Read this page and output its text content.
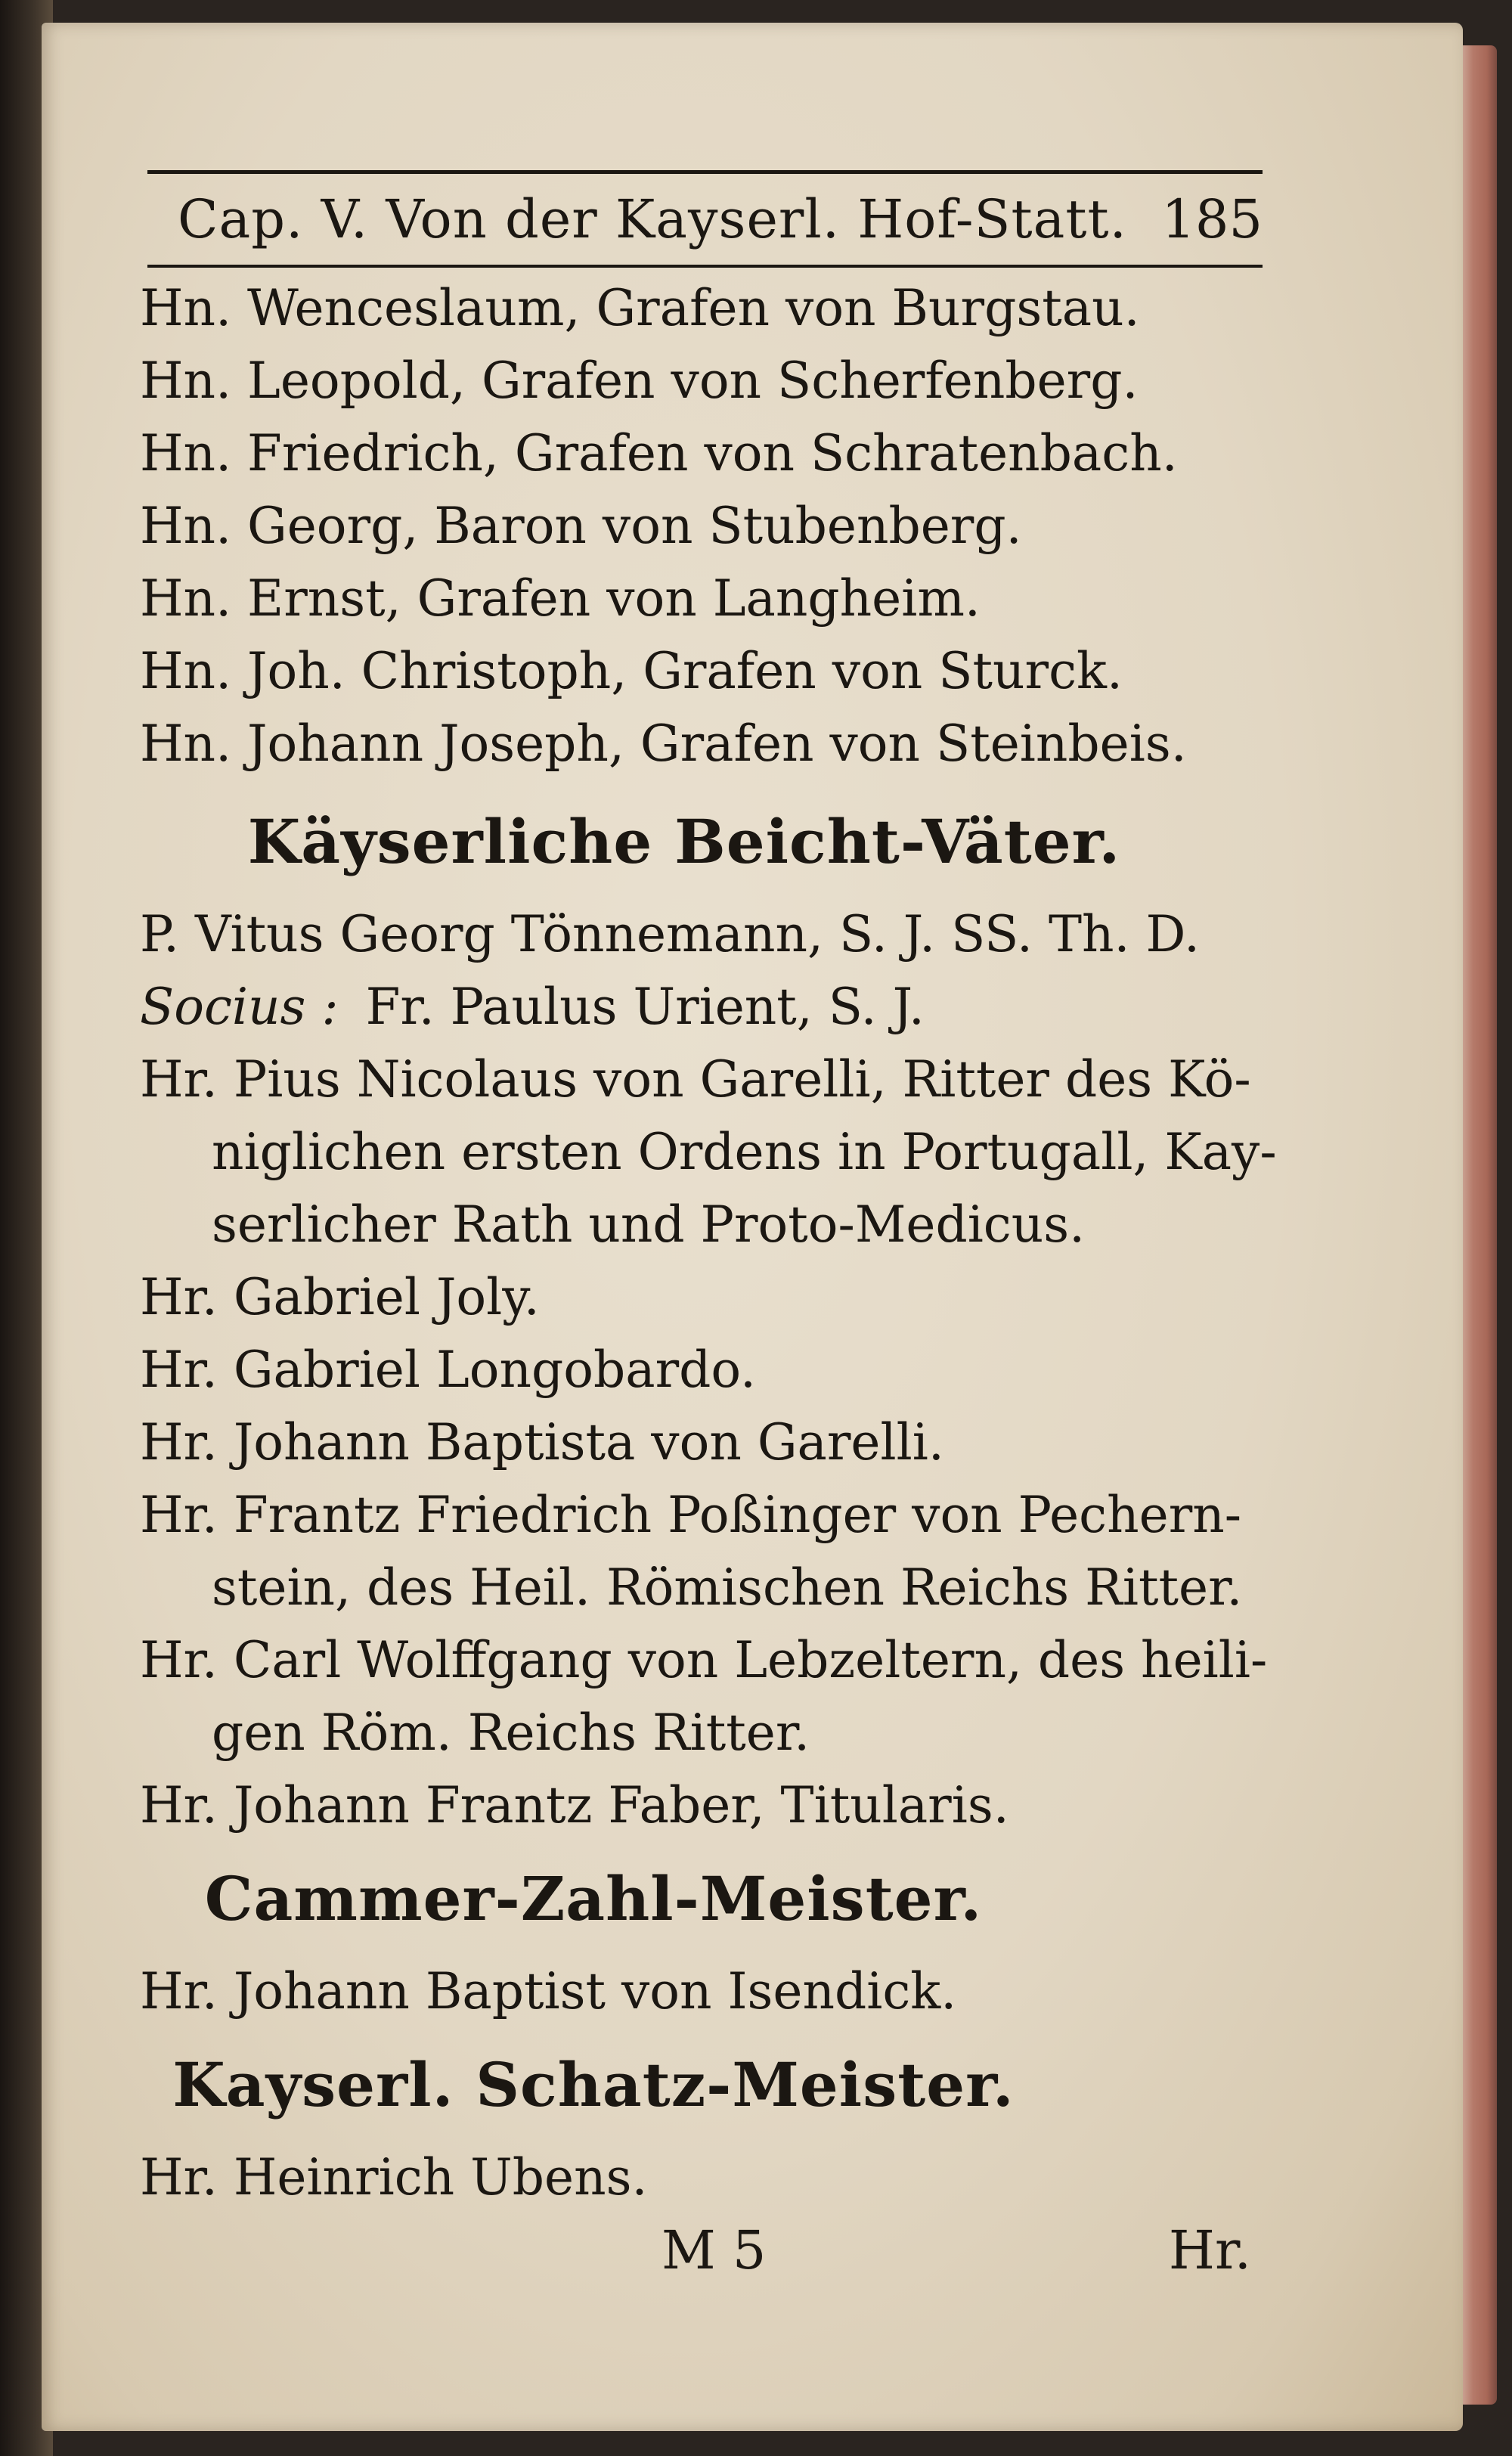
Cap. V. Von der Kayserl. Hof-Statt. 185
Hn. Wenceslaum, Grafen von Burgstau.
Hn. Leopold, Grafen von Scherfenberg.
Hn. Friedrich, Grafen von Schratenbach.
Hn. Georg, Baron von Stubenberg.
Hn. Ernst, Grafen von Langheim.
Hn. Joh. Christoph, Grafen von Sturck.
Hn. Johann Joseph, Grafen von Steinbeis.
Käyserliche Beicht-Väter.
P. Vitus Georg Tönnemann, S. J. SS. Th. D.
Socius : Fr. Paulus Urient, S. J.
Hr. Pius Nicolaus von Garelli, Ritter des Kö-
niglichen ersten Ordens in Portugall, Kay-
serlicher Rath und Proto-Medicus.
Hr. Gabriel Joly.
Hr. Gabriel Longobardo.
Hr. Johann Baptista von Garelli.
Hr. Frantz Friedrich Poßinger von Pechern-
stein, des Heil. Römischen Reichs Ritter.
Hr. Carl Wolffgang von Lebzeltern, des heili-
gen Röm. Reichs Ritter.
Hr. Johann Frantz Faber, Titularis.
Cammer-Zahl-Meister.
Hr. Johann Baptist von Isendick.
Kayserl. Schatz-Meister.
Hr. Heinrich Ubens.
M 5	Hr.
